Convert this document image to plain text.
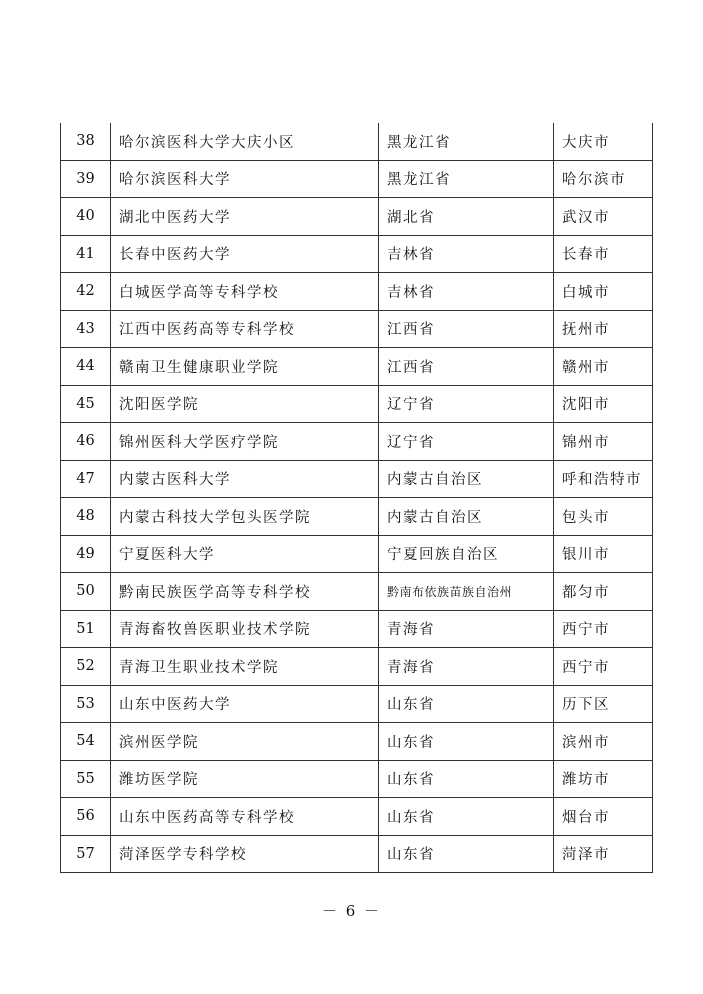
38	哈尔滨医科大学大庆小区	黑龙江省	大庆市
39	哈尔滨医科大学	黑龙江省	哈尔滨市
40	湖北中医药大学	湖北省	武汉市
41	长春中医药大学	吉林省	长春市
42	白城医学高等专科学校	吉林省	白城市
43	江西中医药高等专科学校	江西省	抚州市
44	赣南卫生健康职业学院	江西省	赣州市
45	沈阳医学院	辽宁省	沈阳市
46	锦州医科大学医疗学院	辽宁省	锦州市
47	内蒙古医科大学	内蒙古自治区	呼和浩特市
48	内蒙古科技大学包头医学院	内蒙古自治区	包头市
49	宁夏医科大学	宁夏回族自治区	银川市
50	黔南民族医学高等专科学校	黔南布依族苗族自治州	都匀市
51	青海畜牧兽医职业技术学院	青海省	西宁市
52	青海卫生职业技术学院	青海省	西宁市
53	山东中医药大学	山东省	历下区
54	滨州医学院	山东省	滨州市
55	潍坊医学院	山东省	潍坊市
56	山东中医药高等专科学校	山东省	烟台市
57	菏泽医学专科学校	山东省	菏泽市
－ 6 －
